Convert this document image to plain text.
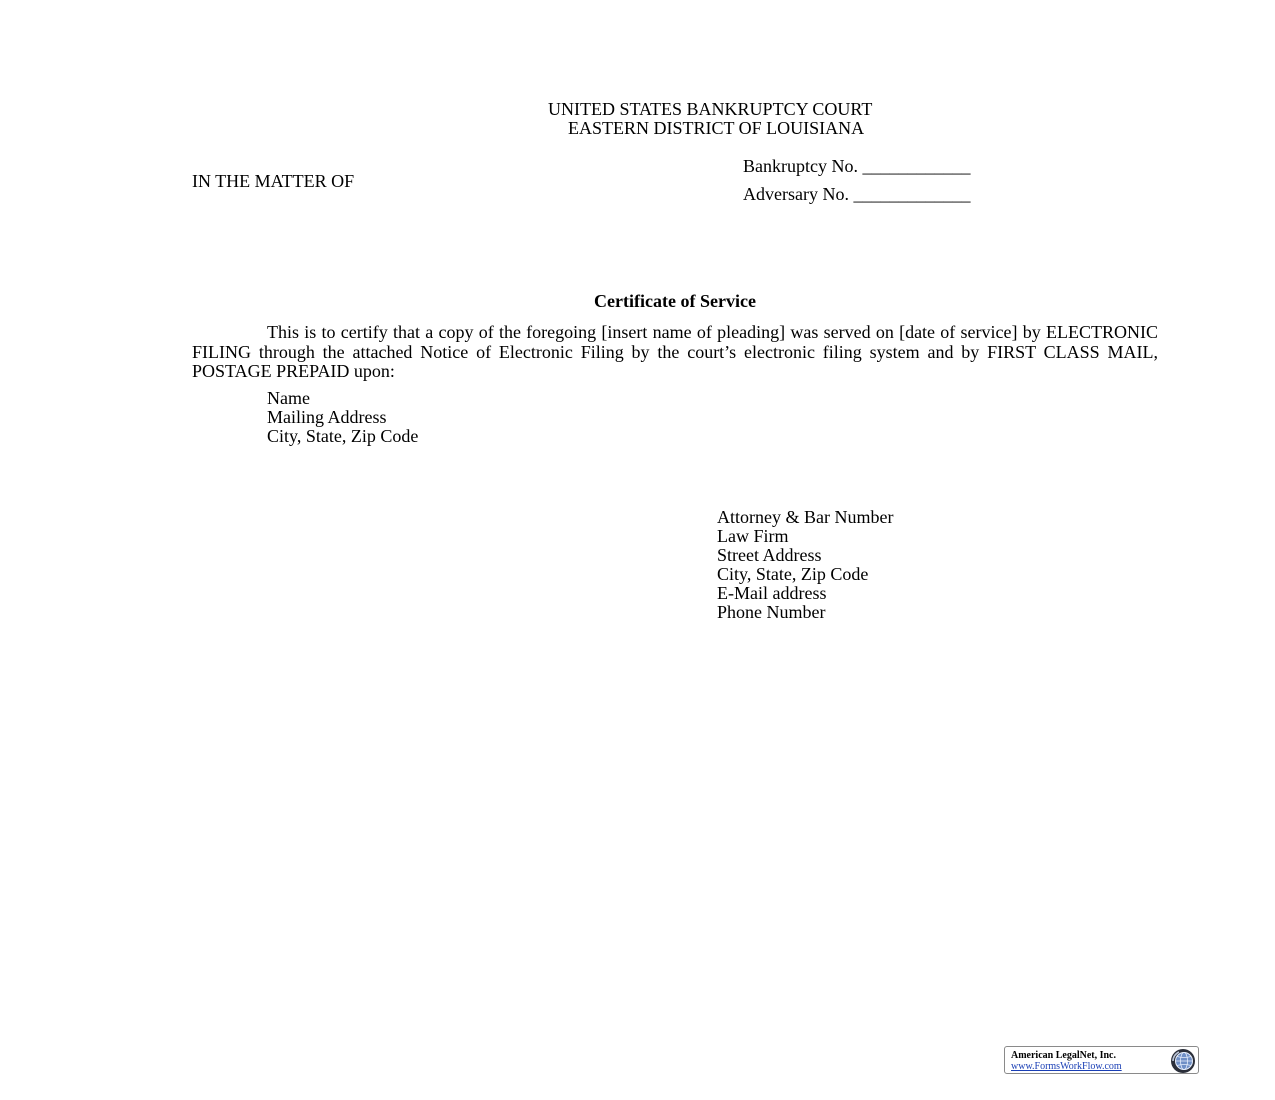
UNITED STATES BANKRUPTCY COURT
EASTERN DISTRICT OF LOUISIANA
IN THE MATTER OF
Bankruptcy No. ____________
Adversary No. _____________
Certificate of Service
This is to certify that a copy of the foregoing [insert name of pleading] was served on [date of service] by ELECTRONIC FILING through the attached Notice of Electronic Filing by the court’s electronic filing system and by FIRST CLASS MAIL, POSTAGE PREPAID upon:
Name
Mailing Address
City, State, Zip Code
Attorney & Bar Number
Law Firm
Street Address
City, State, Zip Code
E-Mail address
Phone Number
American LegalNet, Inc.
www.FormsWorkFlow.com
